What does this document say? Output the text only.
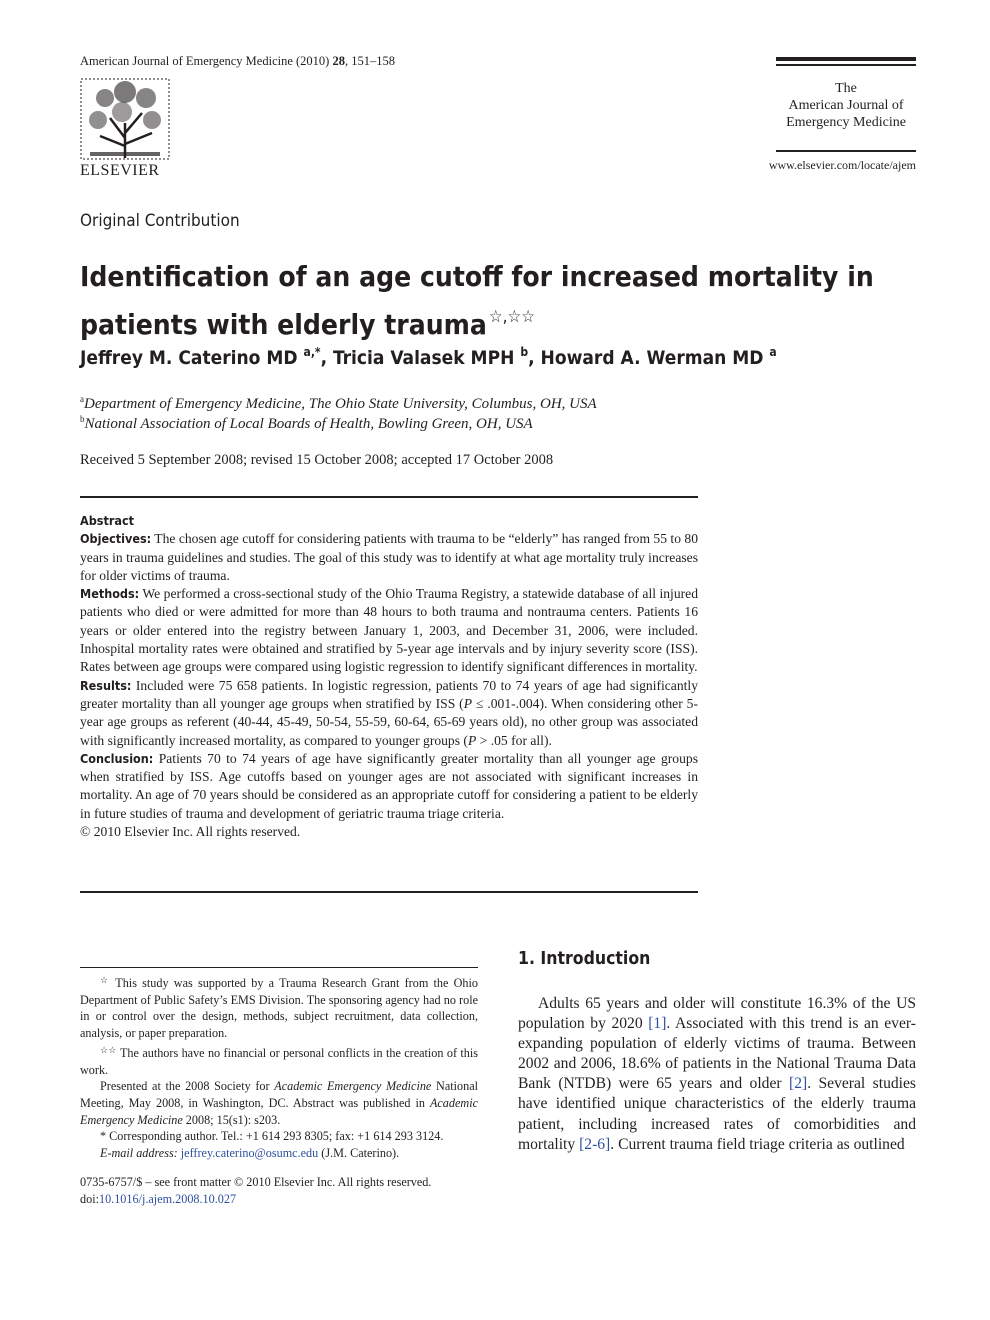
American Journal of Emergency Medicine (2010) 28, 151–158
ELSEVIER
The
American Journal of
Emergency Medicine
www.elsevier.com/locate/ajem
Original Contribution
Identification of an age cutoff for increased mortality in patients with elderly trauma ☆,☆☆
Jeffrey M. Caterino MD $^{a,*}$, Tricia Valasek MPH $^b$, Howard A. Werman MD $^a$
$^a$Department of Emergency Medicine, The Ohio State University, Columbus, OH, USA
$^b$National Association of Local Boards of Health, Bowling Green, OH, USA
Received 5 September 2008; revised 15 October 2008; accepted 17 October 2008

Abstract

Objectives: The chosen age cutoff for considering patients with trauma to be “elderly” has ranged from 55 to 80 years in trauma guidelines and studies. The goal of this study was to identify at what age mortality truly increases for older victims of trauma.

Methods: We performed a cross-sectional study of the Ohio Trauma Registry, a statewide database of all injured patients who died or were admitted for more than 48 hours to both trauma and nontrauma centers. Patients 16 years or older entered into the registry between January 1, 2003, and December 31, 2006, were included. Inhospital mortality rates were obtained and stratified by 5-year age intervals and by injury severity score (ISS). Rates between age groups were compared using logistic regression to identify significant differences in mortality.

Results: Included were 75 658 patients. In logistic regression, patients 70 to 74 years of age had significantly greater mortality than all younger age groups when stratified by ISS (P ≤ .001-.004). When considering other 5-year age groups as referent (40-44, 45-49, 50-54, 55-59, 60-64, 65-69 years old), no other group was associated with significantly increased mortality, as compared to younger groups (P > .05 for all).

Conclusion: Patients 70 to 74 years of age have significantly greater mortality than all younger age groups when stratified by ISS. Age cutoffs based on younger ages are not associated with significant increases in mortality. An age of 70 years should be considered as an appropriate cutoff for considering a patient to be elderly in future studies of trauma and development of geriatric trauma triage criteria.

© 2010 Elsevier Inc. All rights reserved.

☆ This study was supported by a Trauma Research Grant from the Ohio Department of Public Safety’s EMS Division. The sponsoring agency had no role in or control over the design, methods, subject recruitment, data collection, analysis, or paper preparation.

☆☆ The authors have no financial or personal conflicts in the creation of this work.

Presented at the 2008 Society for Academic Emergency Medicine National Meeting, May 2008, in Washington, DC. Abstract was published in Academic Emergency Medicine 2008; 15(s1): s203.

* Corresponding author. Tel.: +1 614 293 8305; fax: +1 614 293 3124.

E-mail address: jeffrey.caterino@osumc.edu (J.M. Caterino).

0735-6757/$ – see front matter © 2010 Elsevier Inc. All rights reserved.
doi:10.1016/j.ajem.2008.10.027
1. Introduction

Adults 65 years and older will constitute 16.3% of the US population by 2020 [1]. Associated with this trend is an ever-expanding population of elderly victims of trauma. Between 2002 and 2006, 18.6% of patients in the National Trauma Data Bank (NTDB) were 65 years and older [2]. Several studies have identified unique characteristics of the elderly trauma patient, including increased rates of comorbidities and mortality [2-6]. Current trauma field triage criteria as outlined
